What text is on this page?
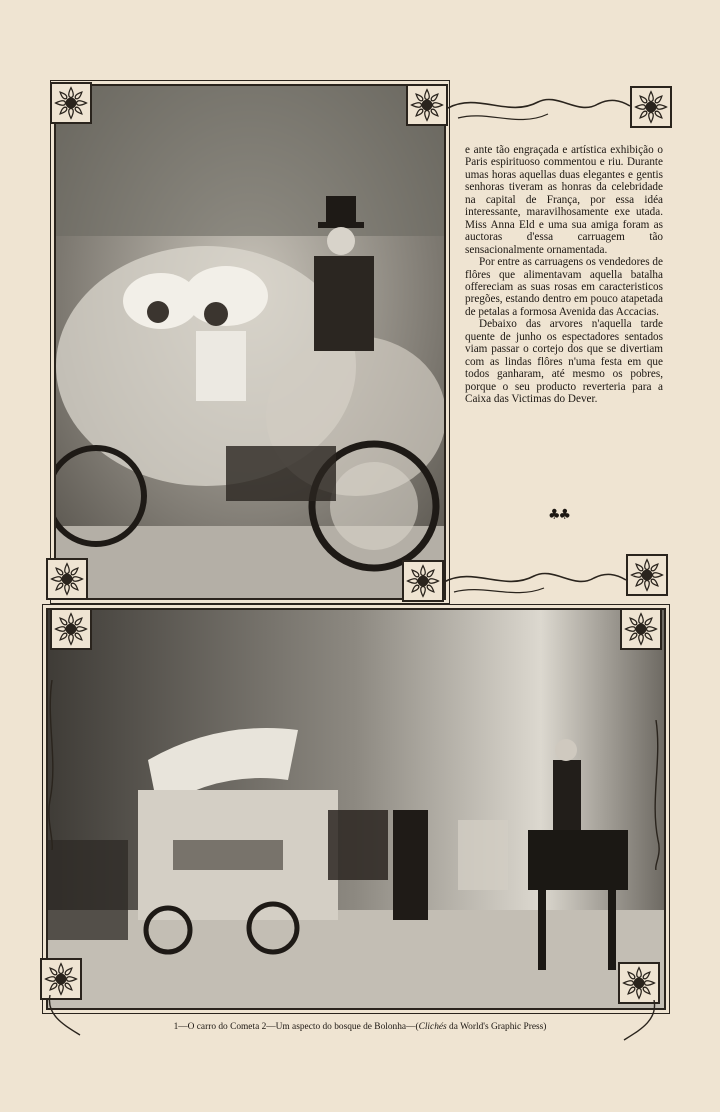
e ante tão engraçada e artística exhibição o Paris espirituoso commentou e riu. Durante umas horas aquellas duas elegantes e gentis senhoras tiveram as honras da celebridade na capital de França, por essa idéa interessante, maravilhosamente exe utada. Miss Anna Eld e uma sua amiga foram as auctoras d'essa carruagem tão sensacionalmente ornamentada.

Por entre as carruagens os vendedores de flôres que alimentavam aquella batalha offereciam as suas rosas em caracteristicos pregões, estando dentro em pouco atapetada de petalas a formosa Avenida das Accacias.

Debaixo das arvores n'aquella tarde quente de junho os espectadores sentados viam passar o cortejo dos que se divertiam com as lindas flôres n'uma festa em que todos ganharam, até mesmo os pobres, porque o seu producto reverteria para a Caixa das Victimas do Dever.

♣♣
1—O carro do Cometa 2—Um aspecto do bosque de Bolonha—(Clichés da World's Graphic Press)
